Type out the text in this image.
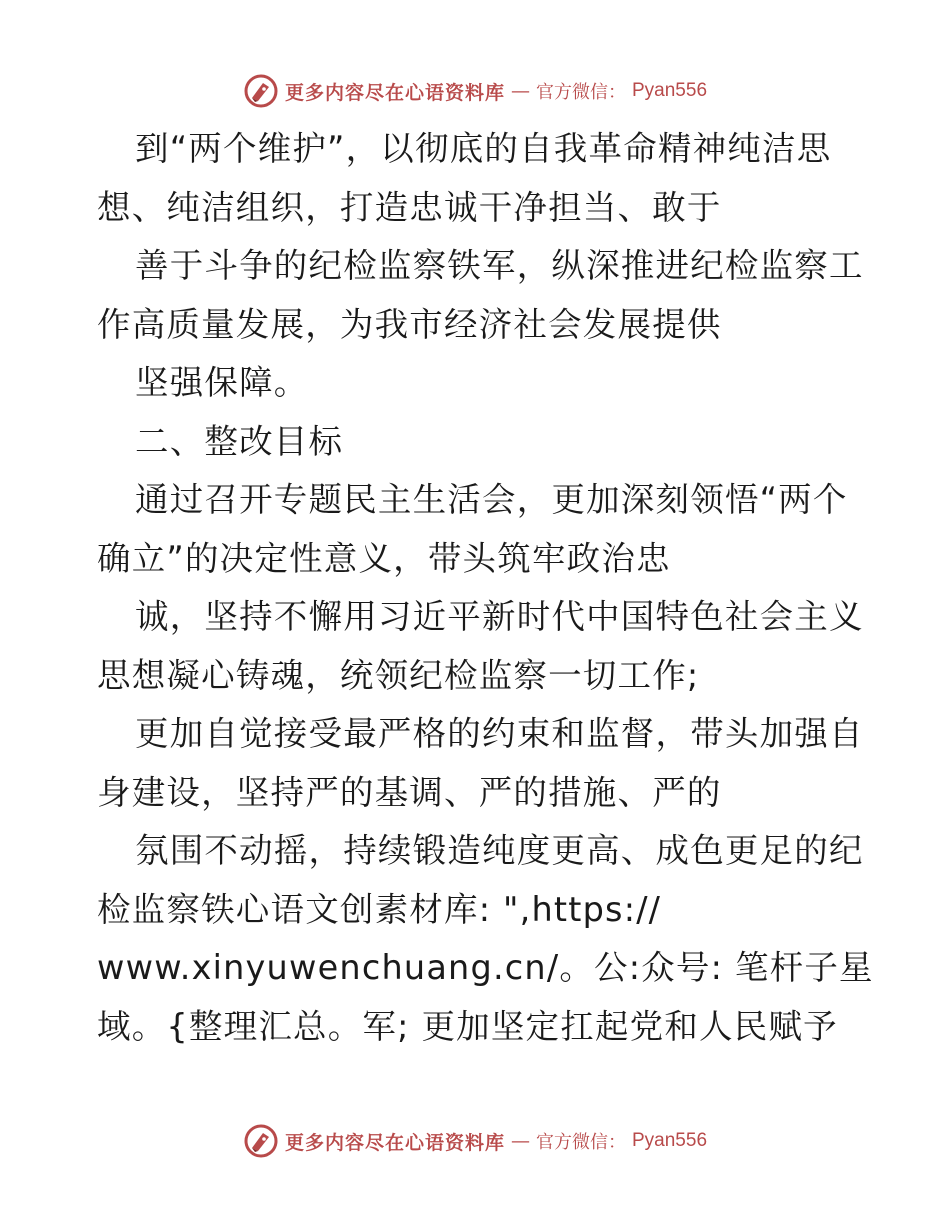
更多内容尽在心语资料库 — 官方微信： Pyan556
到“两个维护”，以彻底的自我革命精神纯洁思
想、纯洁组织，打造忠诚干净担当、敢于
善于斗争的纪检监察铁军，纵深推进纪检监察工
作高质量发展，为我市经济社会发展提供
坚强保障。
二、整改目标
通过召开专题民主生活会，更加深刻领悟“两个
确立”的决定性意义，带头筑牢政治忠
诚，坚持不懈用习近平新时代中国特色社会主义
思想凝心铸魂，统领纪检监察一切工作;
更加自觉接受最严格的约束和监督，带头加强自
身建设，坚持严的基调、严的措施、严的
氛围不动摇，持续锻造纯度更高、成色更足的纪
检监察铁心语文创素材库: ",https://
www.xinyuwenchuang.cn/。公:众号: 笔杆子星
域。{整理汇总。军; 更加坚定扛起党和人民赋予
更多内容尽在心语资料库 — 官方微信： Pyan556
